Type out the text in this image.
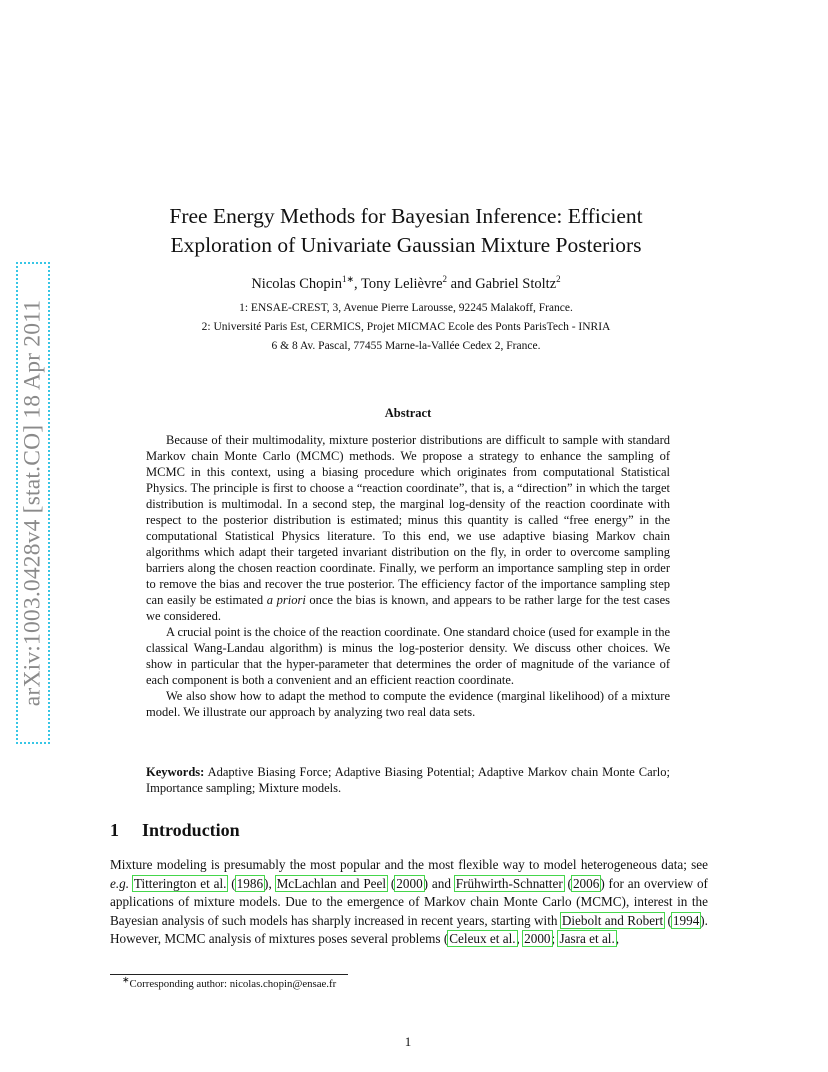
arXiv:1003.0428v4 [stat.CO] 18 Apr 2011
Free Energy Methods for Bayesian Inference: Efficient
Exploration of Univariate Gaussian Mixture Posteriors
Nicolas Chopin$^{1∗}$, Tony Lelièvre$^2$ and Gabriel Stoltz$^2$
1: ENSAE-CREST, 3, Avenue Pierre Larousse, 92245 Malakoff, France.
2: Université Paris Est, CERMICS, Projet MICMAC Ecole des Ponts ParisTech - INRIA
6 & 8 Av. Pascal, 77455 Marne-la-Vallée Cedex 2, France.
Abstract

Because of their multimodality, mixture posterior distributions are difficult to sample with standard Markov chain Monte Carlo (MCMC) methods. We propose a strategy to enhance the sampling of MCMC in this context, using a biasing procedure which originates from computational Statistical Physics. The principle is first to choose a “reaction coordinate”, that is, a “direction” in which the target distribution is multimodal. In a second step, the marginal log-density of the reaction coordinate with respect to the posterior distribution is estimated; minus this quantity is called “free energy” in the computational Statistical Physics literature. To this end, we use adaptive biasing Markov chain algorithms which adapt their targeted invariant distribution on the fly, in order to overcome sampling barriers along the chosen reaction coordinate. Finally, we perform an importance sampling step in order to remove the bias and recover the true posterior. The efficiency factor of the importance sampling step can easily be estimated a priori once the bias is known, and appears to be rather large for the test cases we considered.

A crucial point is the choice of the reaction coordinate. One standard choice (used for example in the classical Wang-Landau algorithm) is minus the log-posterior density. We discuss other choices. We show in particular that the hyper-parameter that determines the order of magnitude of the variance of each component is both a convenient and an efficient reaction coordinate.

We also show how to adapt the method to compute the evidence (marginal likelihood) of a mixture model. We illustrate our approach by analyzing two real data sets.

Keywords: Adaptive Biasing Force; Adaptive Biasing Potential; Adaptive Markov chain Monte Carlo; Importance sampling; Mixture models.
1 Introduction
Mixture modeling is presumably the most popular and the most flexible way to model heterogeneous data; see e.g. Titterington et al. (1986), McLachlan and Peel (2000) and Frühwirth-Schnatter (2006) for an overview of applications of mixture models. Due to the emergence of Markov chain Monte Carlo (MCMC), interest in the Bayesian analysis of such models has sharply increased in recent years, starting with Diebolt and Robert (1994). However, MCMC analysis of mixtures poses several problems (Celeux et al., 2000; Jasra et al.,
∗Corresponding author: nicolas.chopin@ensae.fr
1
